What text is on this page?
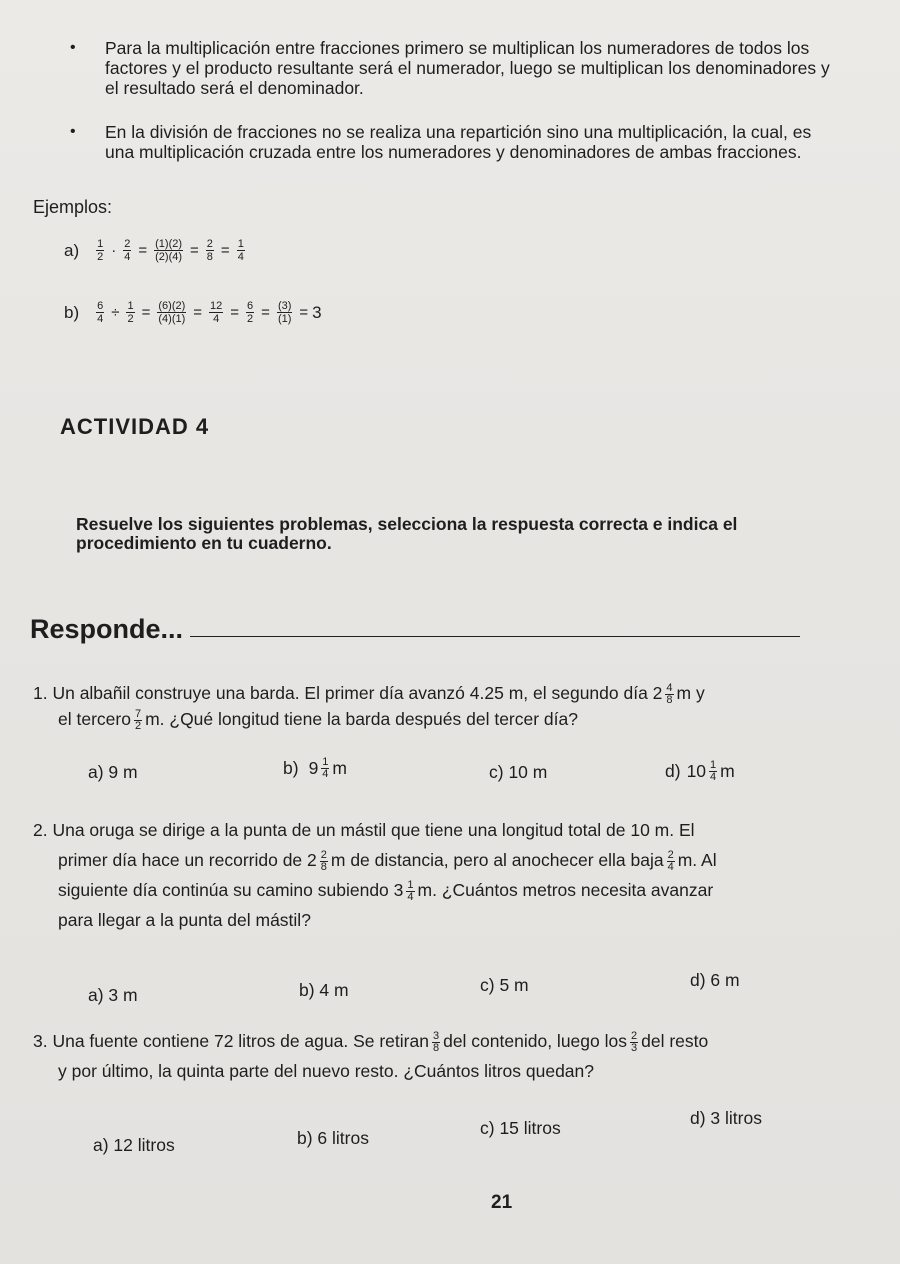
• Para la multiplicación entre fracciones primero se multiplican los numeradores de todos los factores y el producto resultante será el numerador, luego se multiplican los denominadores y el resultado será el denominador.
• En la división de fracciones no se realiza una repartición sino una multiplicación, la cual, es una multiplicación cruzada entre los numeradores y denominadores de ambas fracciones.
Ejemplos:
$a) \frac{1}{2} \cdot \frac{2}{4} = \frac{(1)(2)}{(2)(4)} = \frac{2}{8} = \frac{1}{4}$
$b) \frac{6}{4} \div \frac{1}{2} = \frac{(6)(2)}{(4)(1)} = \frac{12}{4} = \frac{6}{2} = \frac{(3)}{(1)} = 3$
ACTIVIDAD 4
Resuelve los siguientes problemas, selecciona la respuesta correcta e indica el procedimiento en tu cuaderno.
Responde...
1. Un albañil construye una barda. El primer día avanzó 4.25 m, el segundo día $2 \frac{4}{8}$ m y
el tercero $\frac{7}{2} m$. ¿Qué longitud tiene la barda después del tercer día?
a) 9 m	b) $9 \frac{1}{4}$ m	c) 10 m	d) $10 \frac{1}{4}$ m
2. Una oruga se dirige a la punta de un mástil que tiene una longitud total de 10 m. El
primer día hace un recorrido de $2 \frac{2}{8}$ m de distancia, pero al anochecer ella baja $\frac{2}{4} m$. Al
siguiente día continúa su camino subiendo $3 \frac{1}{4} m$. ¿Cuántos metros necesita avanzar
para llegar a la punta del mástil?
a) 3 m	b) 4 m	c) 5 m	d) 6 m
3. Una fuente contiene 72 litros de agua. Se retiran $\frac{3}{8}$ del contenido, luego los $\frac{2}{3}$ del resto
y por último, la quinta parte del nuevo resto. ¿Cuántos litros quedan?
a) 12 litros	b) 6 litros	c) 15 litros	d) 3 litros
21
